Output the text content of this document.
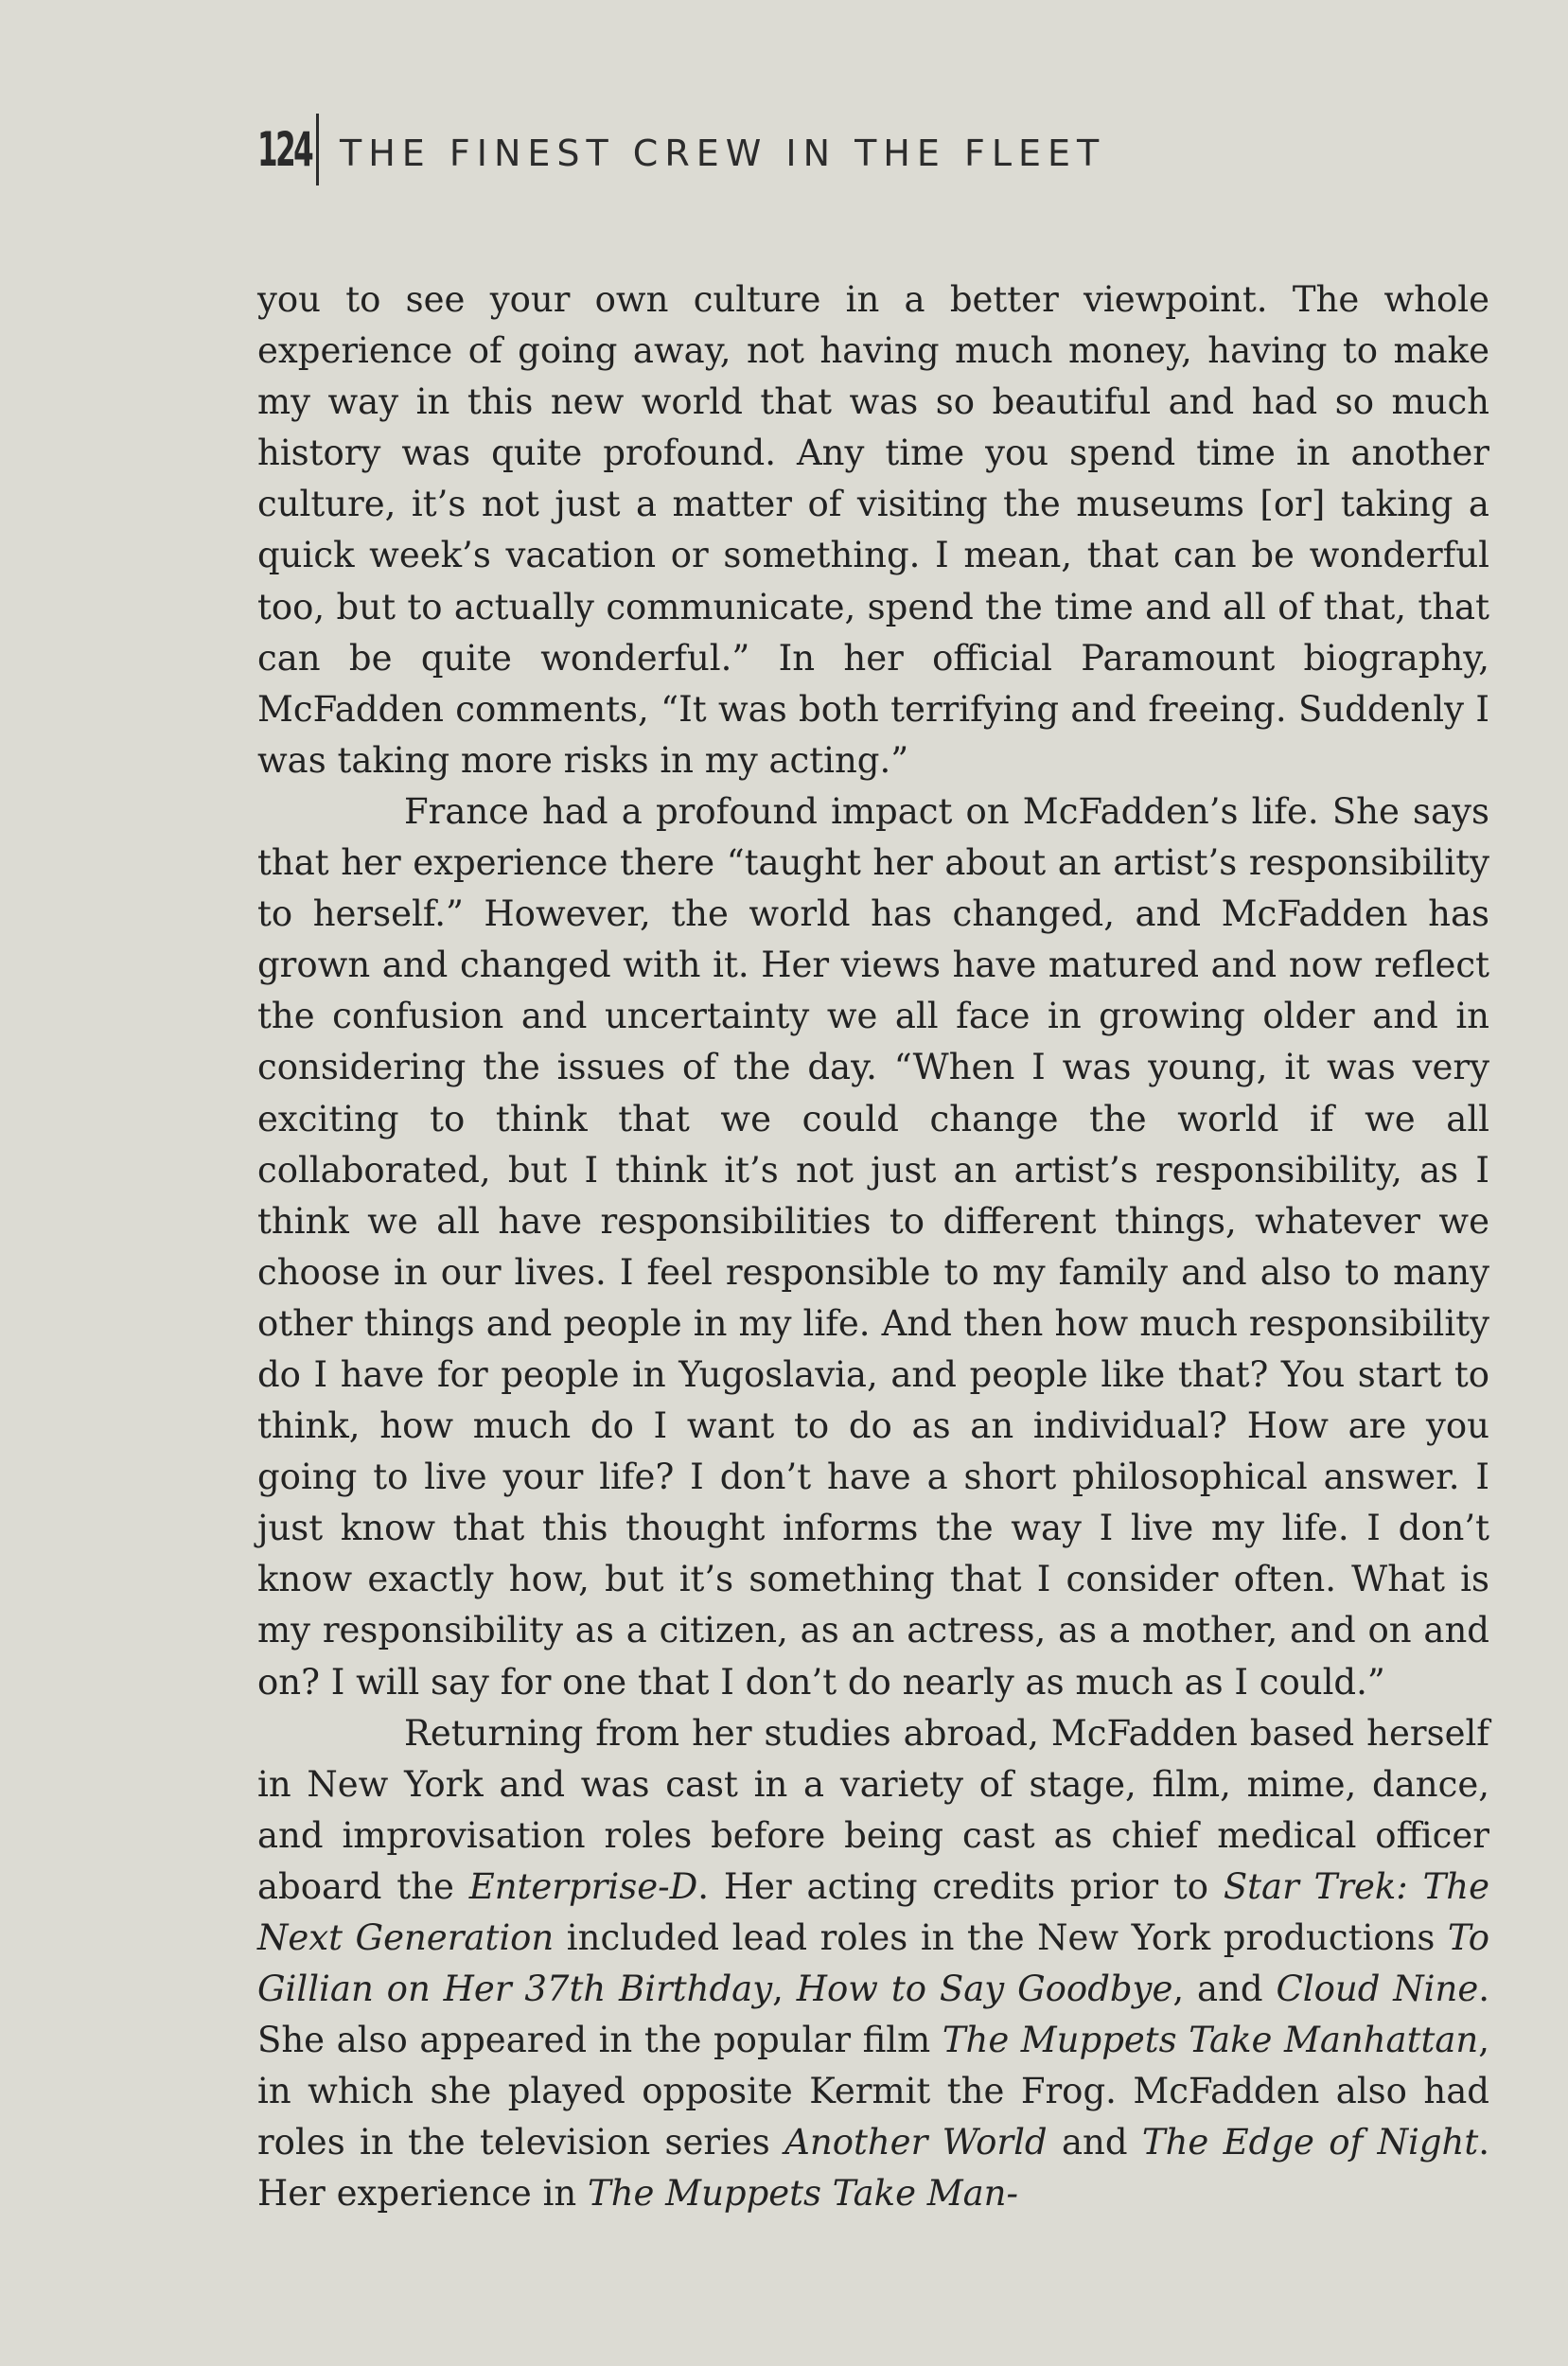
124 THE FINEST CREW IN THE FLEET

you to see your own culture in a better viewpoint. The whole experience of going away, not having much money, having to make my way in this new world that was so beautiful and had so much history was quite profound. Any time you spend time in another culture, it’s not just a matter of visiting the museums [or] taking a quick week’s vacation or something. I mean, that can be wonderful too, but to actually communicate, spend the time and all of that, that can be quite wonderful.” In her official Paramount biography, McFadden comments, “It was both terrifying and freeing. Suddenly I was taking more risks in my acting.”

France had a profound impact on McFadden’s life. She says that her experience there “taught her about an artist’s responsibility to herself.” However, the world has changed, and McFadden has grown and changed with it. Her views have matured and now reflect the confusion and uncertainty we all face in growing older and in considering the issues of the day. “When I was young, it was very exciting to think that we could change the world if we all collaborated, but I think it’s not just an artist’s responsibility, as I think we all have responsibilities to different things, whatever we choose in our lives. I feel responsible to my family and also to many other things and people in my life. And then how much responsibility do I have for people in Yugoslavia, and people like that? You start to think, how much do I want to do as an individual? How are you going to live your life? I don’t have a short philosophical answer. I just know that this thought informs the way I live my life. I don’t know exactly how, but it’s something that I consider often. What is my responsibility as a citizen, as an actress, as a mother, and on and on? I will say for one that I don’t do nearly as much as I could.”

Returning from her studies abroad, McFadden based herself in New York and was cast in a variety of stage, film, mime, dance, and improvisation roles before being cast as chief medical officer aboard the Enterprise-D. Her acting credits prior to Star Trek: The Next Generation included lead roles in the New York productions To Gillian on Her 37th Birthday, How to Say Goodbye, and Cloud Nine. She also appeared in the popular film The Muppets Take Manhattan, in which she played opposite Kermit the Frog. McFadden also had roles in the television series Another World and The Edge of Night. Her experience in The Muppets Take Man-
